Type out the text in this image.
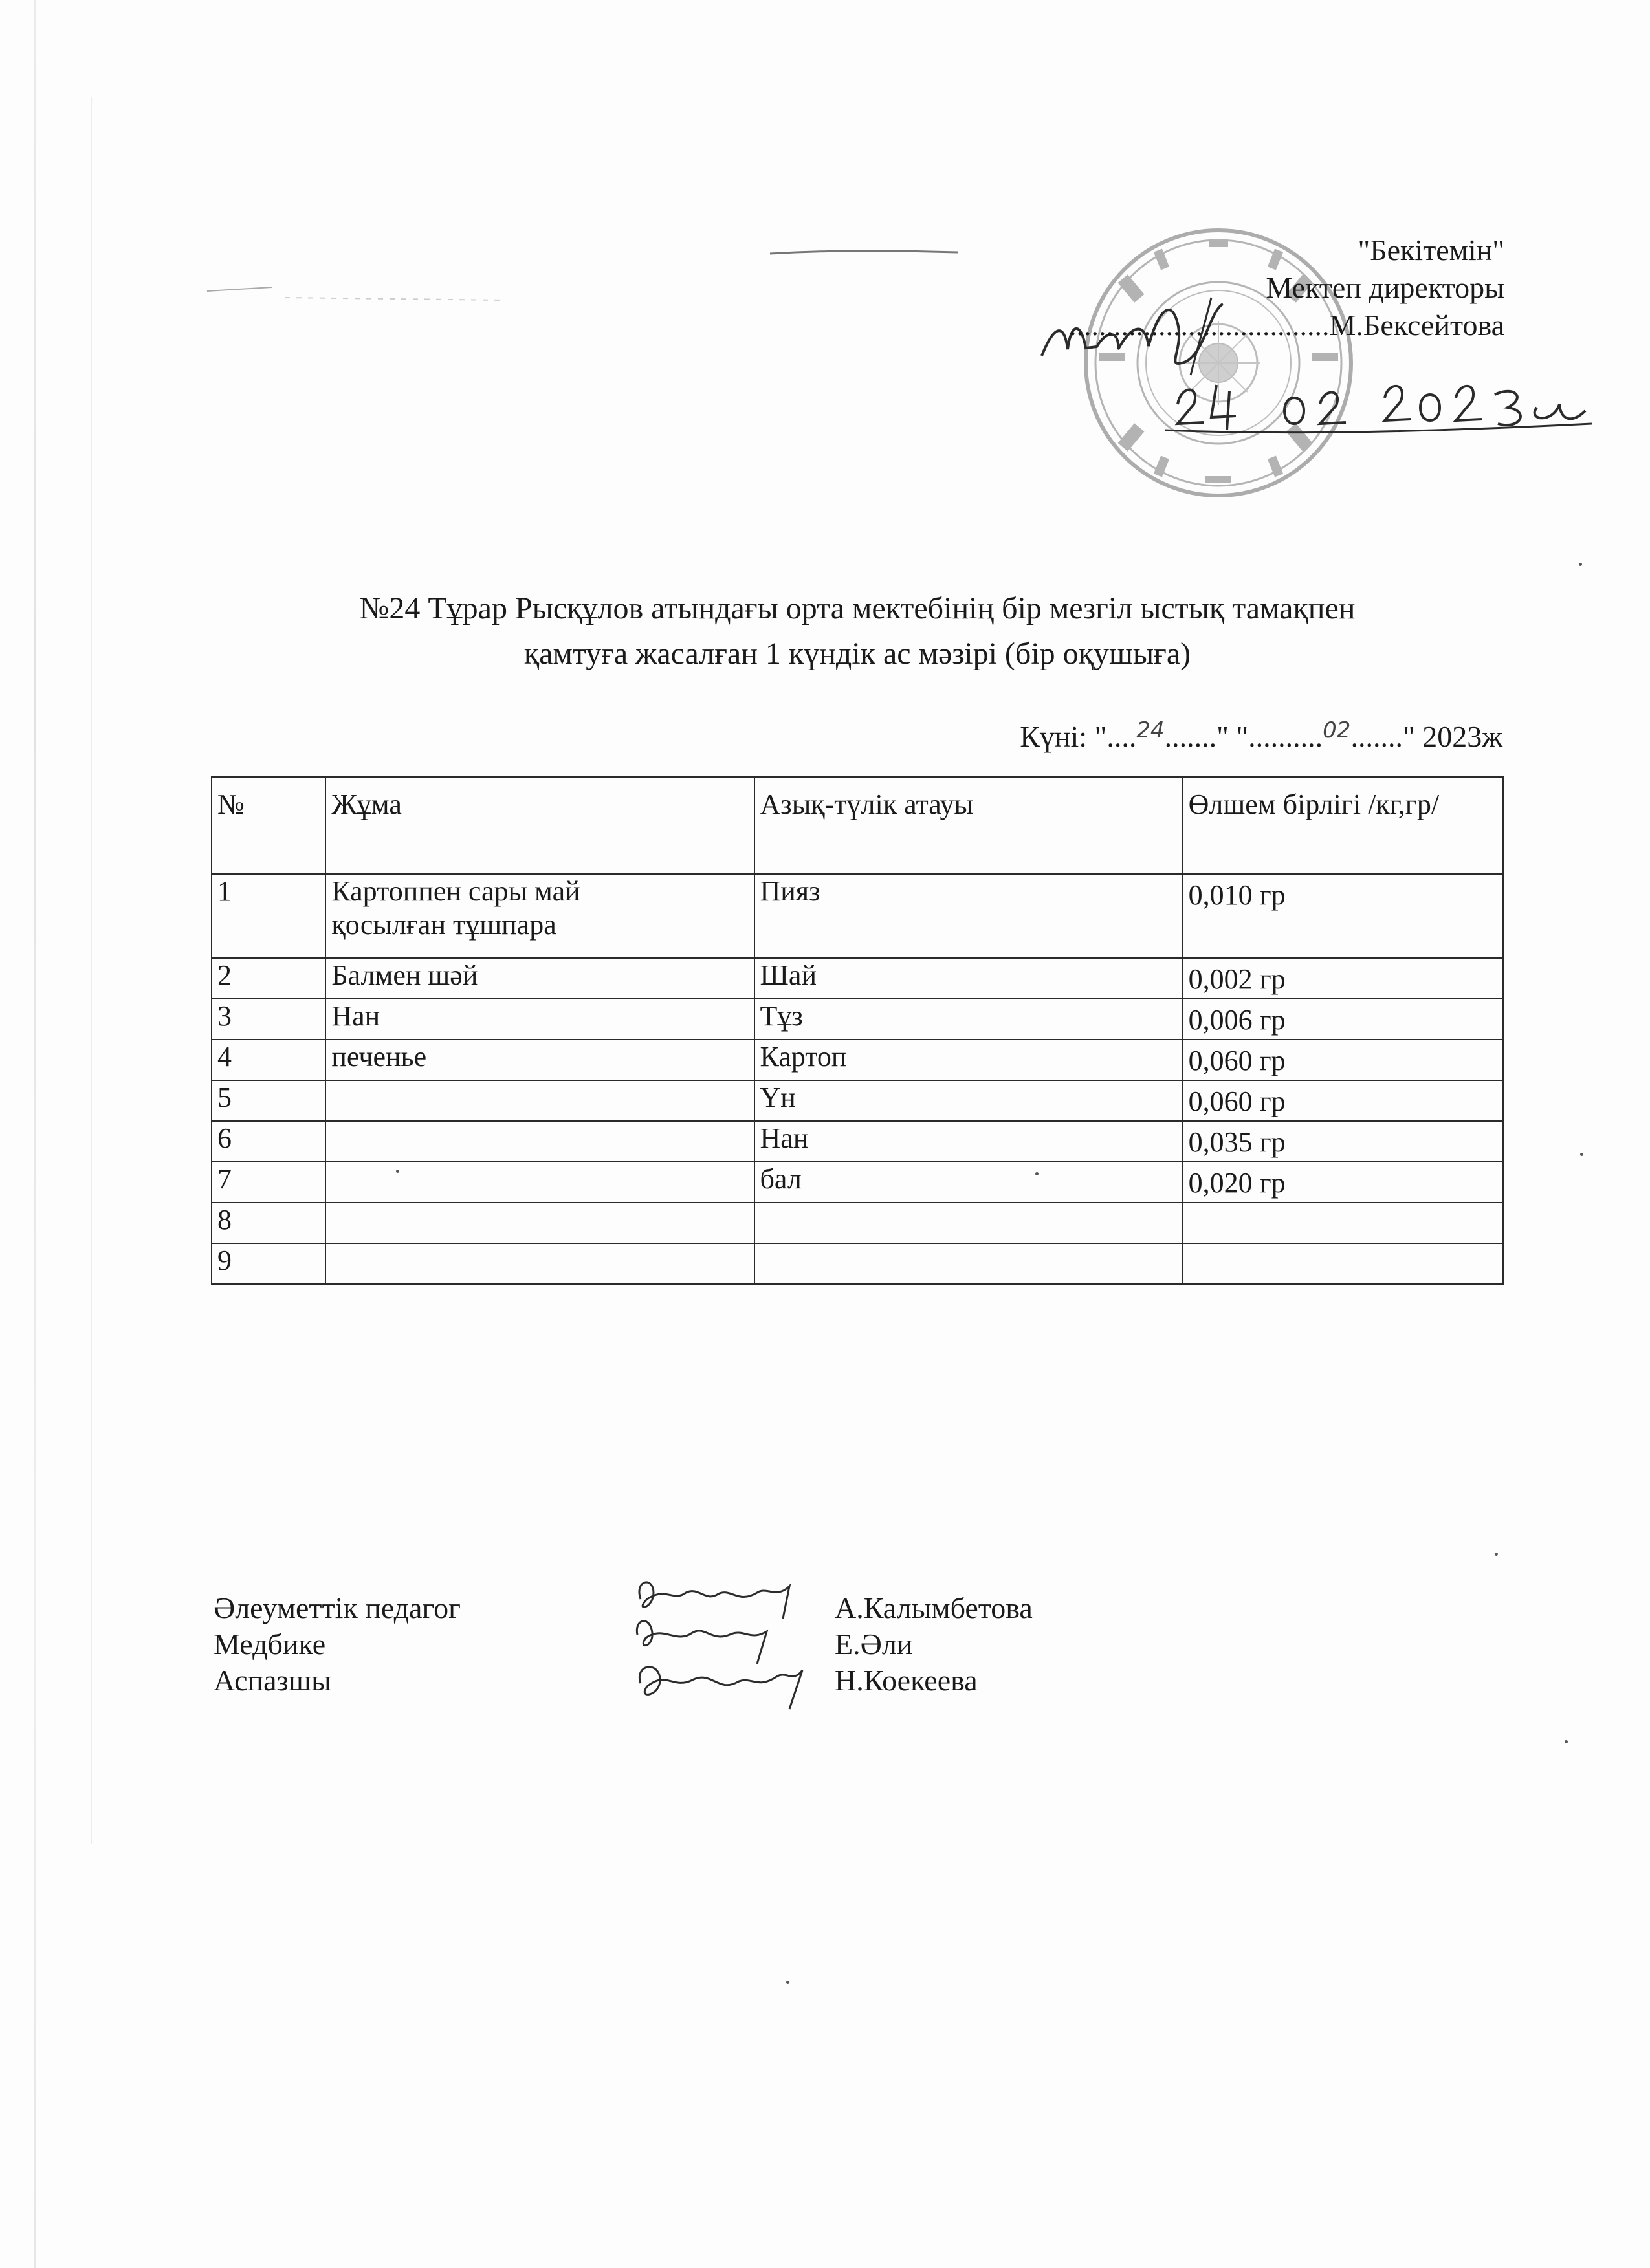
"Бекітемін"
Мектеп директоры
...................................М.Бексейтова
№24 Тұрар Рысқұлов атындағы орта мектебінің бір мезгіл ыстық тамақпен
қамтуға жасалған 1 күндік ас мәзірі (бір оқушыға)
Күні: "....$^{24}$......." "..........$^{02}$......." 2023ж
№	Жұма	Азық-түлік атауы	Өлшем бірлігі /кг,гр/
1	Картоппен сары май
қосылған тұшпара	Пияз	0,010 гр
2	Балмен шәй	Шай	0,002 гр
3	Нан	Тұз	0,006 гр
4	печенье	Картоп	0,060 гр
5		Үн	0,060 гр
6		Нан	0,035 гр
7		бал	0,020 гр
8			
9			
Әлеуметтік педагог
Медбике
Аспазшы
А.Калымбетова
Е.Әли
Н.Коекеева
